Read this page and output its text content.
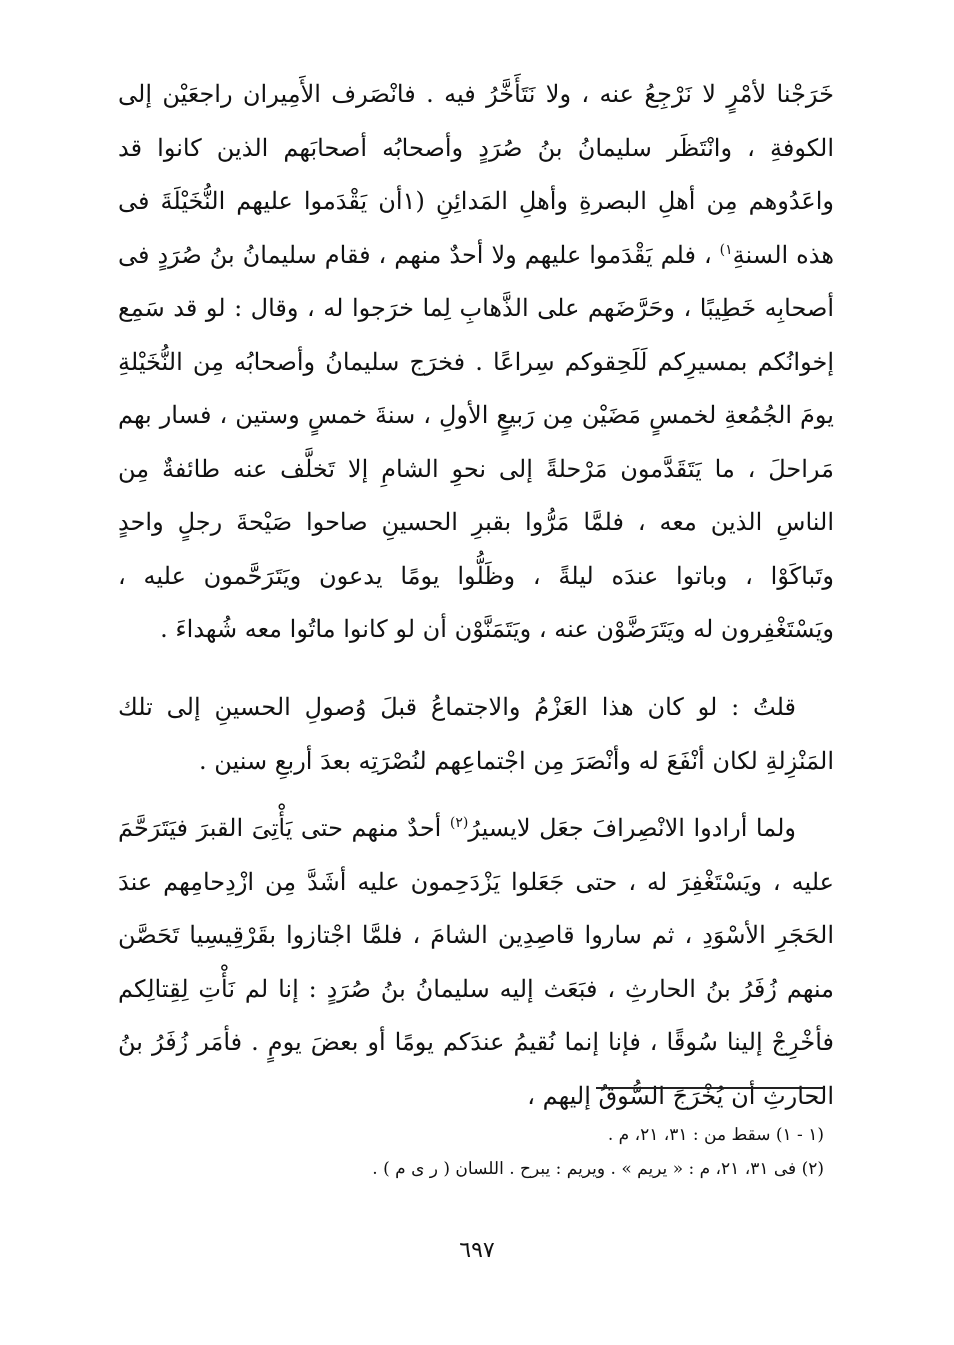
خَرَجْنا لأمْرٍ لا نَرْجِعُ عنه ، ولا نَتَأَخَّرُ فيه . فانْصَرف الأَمِيران راجعَيْن إلى الكوفةِ ، وانْتَظَر سليمانُ بنُ صُرَدٍ وأصحابُه أصحابَهم الذين كانوا قد واعَدُوهم مِن أهلِ البصرةِ وأهلِ المَدائِنِ (١أن يَقْدَموا عليهم النُّخَيْلَةَ فى هذه السنةِ$^{١)}$ ، فلم يَقْدَموا عليهم ولا أحدٌ منهم ، فقام سليمانُ بنُ صُرَدٍ فى أصحابِه خَطِيبًا ، وحَرَّضَهم على الذَّهابِ لِما خرَجوا له ، وقال : لو قد سَمِع إخوانُكم بمسيرِكم لَلَحِقوكم سِراعًا . فخرَج سليمانُ وأصحابُه مِن النُّخَيْلةِ يومَ الجُمُعةِ لخمسٍ مَضَيْن مِن رَبيعٍ الأولِ ، سنةَ خمسٍ وستين ، فسار بهم مَراحلَ ، ما يَتَقَدَّمون مَرْحلةً إلى نحوِ الشامِ إلا تَخلَّف عنه طائفةٌ مِن الناسِ الذين معه ، فلمَّا مَرُّوا بقبرِ الحسينِ صاحوا صَيْحةَ رجلٍ واحدٍ وتَباكَوْا ، وباتوا عندَه ليلةً ، وظَلُّوا يومًا يدعون ويَتَرَحَّمون عليه ، ويَسْتَغْفِرون له ويَتَرَضَّوْن عنه ، ويَتَمَنَّوْن أن لو كانوا ماتُوا معه شُهداءَ .
قلتُ : لو كان هذا العَزْمُ والاجتماعُ قبلَ وُصولِ الحسينِ إلى تلك المَنْزِلةِ لكان أنْفَعَ له وأنْصَرَ مِن اجْتماعِهم لنُصْرَتِه بعدَ أربعِ سنين .
ولما أرادوا الانْصِرافَ جعَل لايسيرُ$^{(٢)}$ أحدٌ منهم حتى يَأْتِىَ القبرَ فيَتَرَحَّمَ عليه ، ويَسْتَغْفِرَ له ، حتى جَعَلوا يَزْدَحِمون عليه أشَدَّ مِن ازْدِحامِهم عندَ الحَجَرِ الأسْوَدِ ، ثم ساروا قاصِدِين الشامَ ، فلمَّا اجْتازوا بقَرْقِيسِيا تَحَصَّن منهم زُفَرُ بنُ الحارثِ ، فبَعَث إليه سليمانُ بنُ صُرَدٍ : إنا لم نَأْتِ لِقِتالِكم فأخْرِجْ إلينا سُوقًا ، فإنا إنما نُقيمُ عندَكم يومًا أو بعضَ يومٍ . فأمَر زُفَرُ بنُ الحارثِ أن يُخْرَجَ السُّوقُ إليهم ،
(١ - ١) سقط من : ٣١، ٢١، م .
(٢) فى ٣١، ٢١، م : « يريم » . ويريم : يبرح . اللسان ( ر ى م ) .
٦٩٧
